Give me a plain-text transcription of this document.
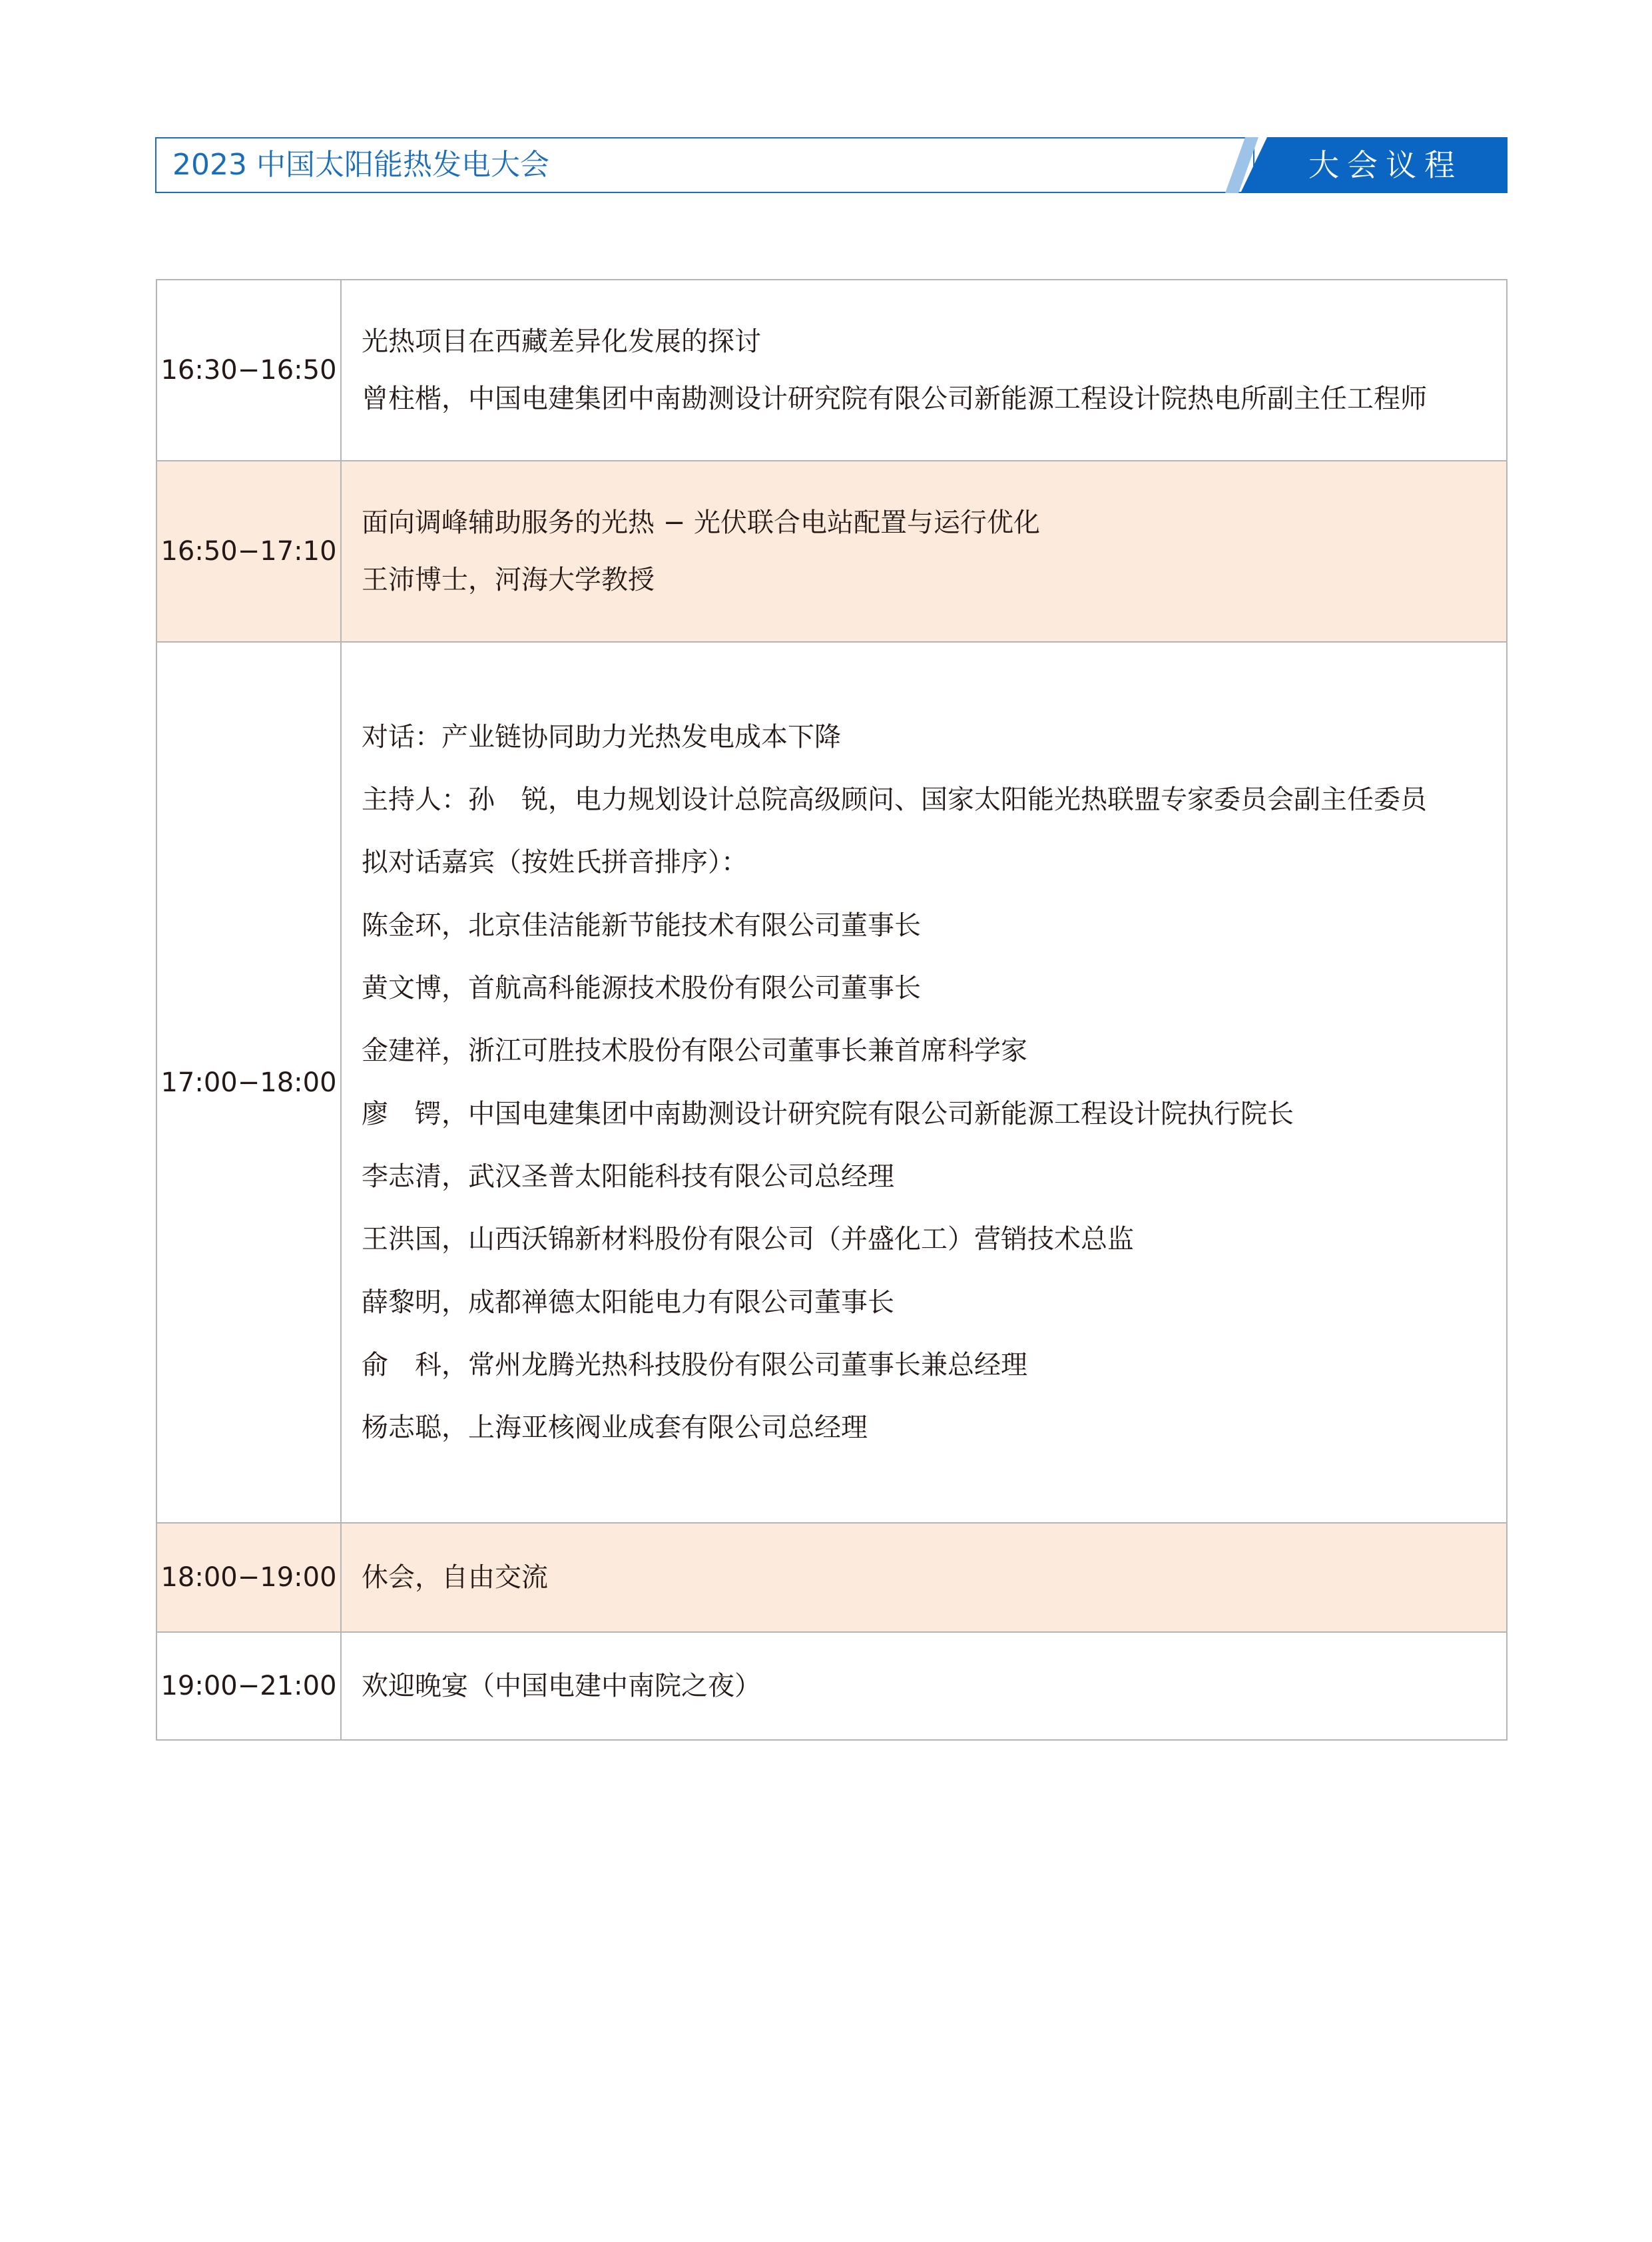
2023 中国太阳能热发电大会	大会议程
16:30−16:50
光热项目在西藏差异化发展的探讨
曾柱楷，中国电建集团中南勘测设计研究院有限公司新能源工程设计院热电所副主任工程师
16:50−17:10
面向调峰辅助服务的光热 − 光伏联合电站配置与运行优化
王沛博士，河海大学教授
17:00−18:00
对话：产业链协同助力光热发电成本下降
主持人：孙　锐，电力规划设计总院高级顾问、国家太阳能光热联盟专家委员会副主任委员
拟对话嘉宾（按姓氏拼音排序）：
陈金环，北京佳洁能新节能技术有限公司董事长
黄文博，首航高科能源技术股份有限公司董事长
金建祥，浙江可胜技术股份有限公司董事长兼首席科学家
廖　锷，中国电建集团中南勘测设计研究院有限公司新能源工程设计院执行院长
李志清，武汉圣普太阳能科技有限公司总经理
王洪国，山西沃锦新材料股份有限公司（并盛化工）营销技术总监
薛黎明，成都禅德太阳能电力有限公司董事长
俞　科，常州龙腾光热科技股份有限公司董事长兼总经理
杨志聪，上海亚核阀业成套有限公司总经理
18:00−19:00 休会，自由交流
19:00−21:00 欢迎晚宴（中国电建中南院之夜）
